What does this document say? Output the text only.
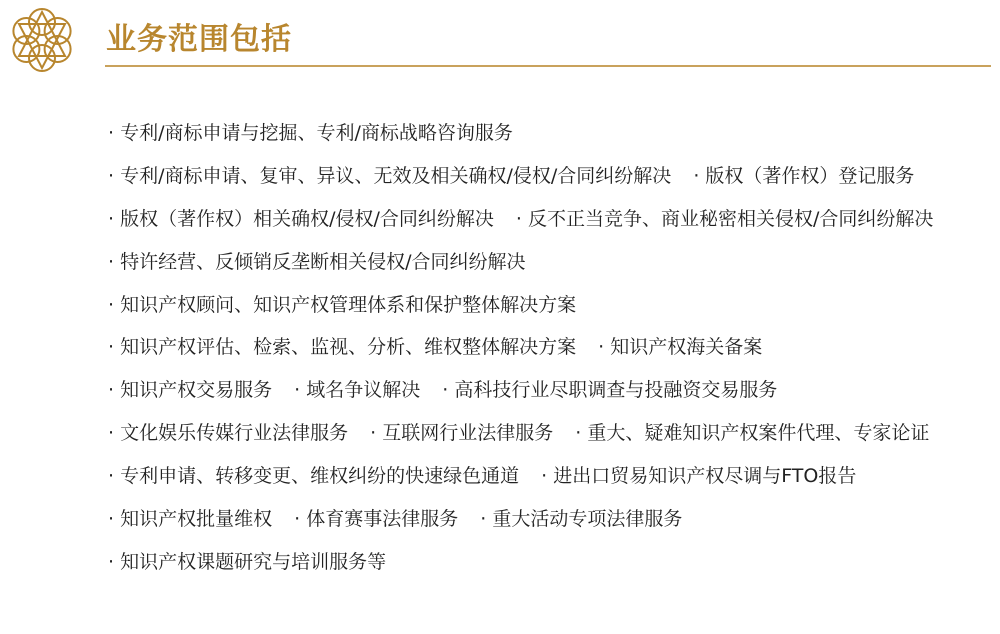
业务范围包括
· 专利/商标申请与挖掘、专利/商标战略咨询服务
· 专利/商标申请、复审、异议、无效及相关确权/侵权/合同纠纷解决 · 版权（著作权）登记服务
· 版权（著作权）相关确权/侵权/合同纠纷解决 · 反不正当竞争、商业秘密相关侵权/合同纠纷解决
· 特许经营、反倾销反垄断相关侵权/合同纠纷解决
· 知识产权顾问、知识产权管理体系和保护整体解决方案
· 知识产权评估、检索、监视、分析、维权整体解决方案 · 知识产权海关备案
· 知识产权交易服务 · 域名争议解决 · 高科技行业尽职调查与投融资交易服务
· 文化娱乐传媒行业法律服务 · 互联网行业法律服务 · 重大、疑难知识产权案件代理、专家论证
· 专利申请、转移变更、维权纠纷的快速绿色通道 · 进出口贸易知识产权尽调与FTO报告
· 知识产权批量维权 · 体育赛事法律服务 · 重大活动专项法律服务
· 知识产权课题研究与培训服务等
